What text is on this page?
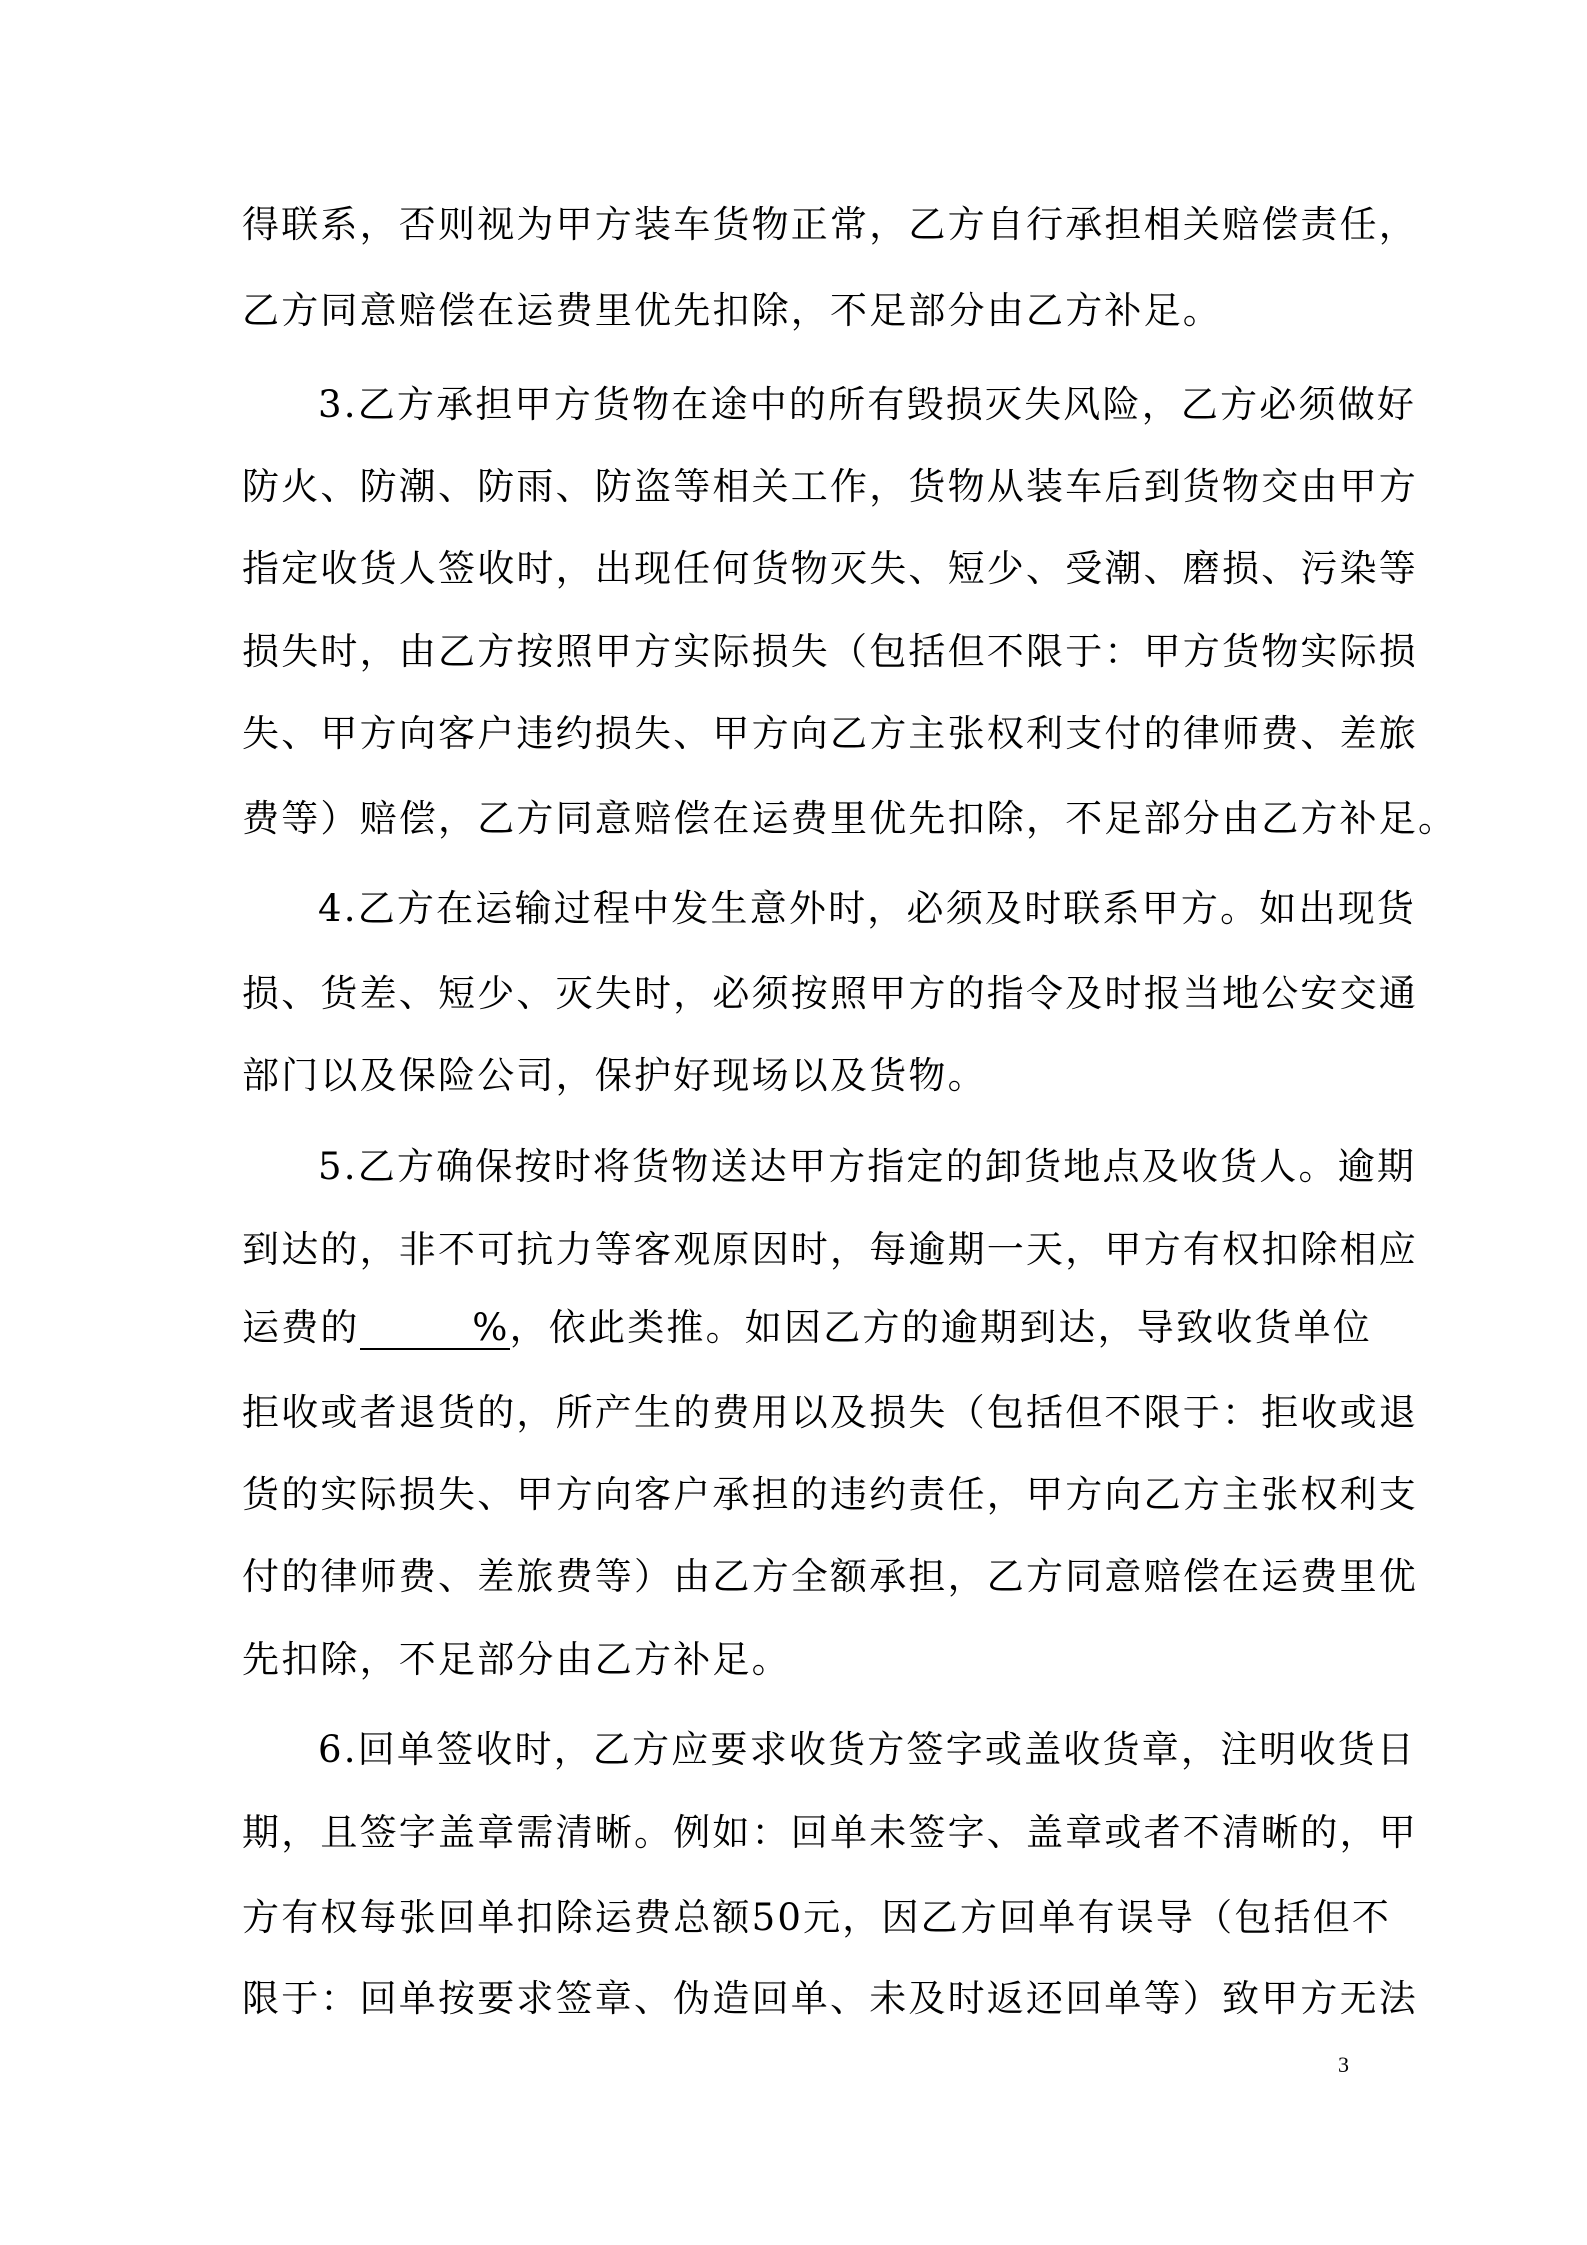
得联系，否则视为甲方装车货物正常，乙方自行承担相关赔偿责任，
乙方同意赔偿在运费里优先扣除，不足部分由乙方补足。
3.乙方承担甲方货物在途中的所有毁损灭失风险，乙方必须做好
防火、防潮、防雨、防盗等相关工作，货物从装车后到货物交由甲方
指定收货人签收时，出现任何货物灭失、短少、受潮、磨损、污染等
损失时，由乙方按照甲方实际损失（包括但不限于：甲方货物实际损
失、甲方向客户违约损失、甲方向乙方主张权利支付的律师费、差旅
费等）赔偿，乙方同意赔偿在运费里优先扣除，不足部分由乙方补足。
4.乙方在运输过程中发生意外时，必须及时联系甲方。如出现货
损、货差、短少、灭失时，必须按照甲方的指令及时报当地公安交通
部门以及保险公司，保护好现场以及货物。
5.乙方确保按时将货物送达甲方指定的卸货地点及收货人。逾期
到达的，非不可抗力等客观原因时，每逾期一天，甲方有权扣除相应
运费的	%，依此类推。如因乙方的逾期到达，导致收货单位
拒收或者退货的，所产生的费用以及损失（包括但不限于：拒收或退
货的实际损失、甲方向客户承担的违约责任，甲方向乙方主张权利支
付的律师费、差旅费等）由乙方全额承担，乙方同意赔偿在运费里优
先扣除，不足部分由乙方补足。
6.回单签收时，乙方应要求收货方签字或盖收货章，注明收货日
期，且签字盖章需清晰。例如：回单未签字、盖章或者不清晰的，甲
方有权每张回单扣除运费总额50元，因乙方回单有误导（包括但不
限于：回单按要求签章、伪造回单、未及时返还回单等）致甲方无法
3
